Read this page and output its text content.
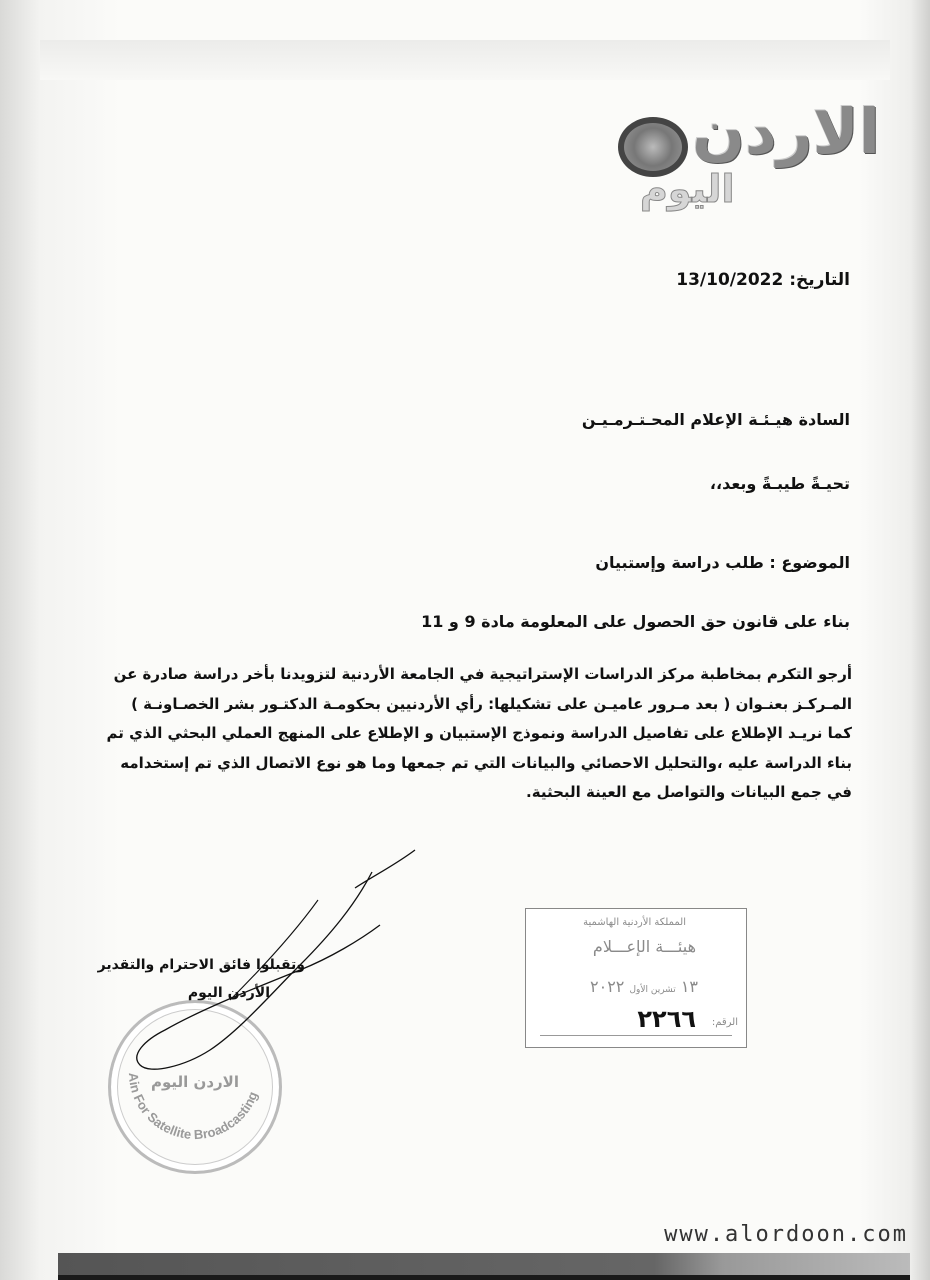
الاردن
اليوم
التاريخ: 13/10/2022
السادة هيـئـة الإعلام المحـتـرمـيـن
تحيـةً طيبـةً وبعد،،
الموضوع : طلب دراسة وإستبيان
بناء على قانون حق الحصول على المعلومة مادة 9 و 11
أرجو التكرم بمخاطبة مركز الدراسات الإستراتيجية في الجامعة الأردنية لتزويدنا بأخر دراسة صادرة عن
المـركـز بعنـوان ( بعد مـرور عاميـن على تشكيلها: رأي الأردنيين بحكومـة الدكتـور بشر الخصـاونـة )
كما نريـد الإطلاع على تفاصيل الدراسة ونموذج الإستبيان و الإطلاع على المنهج العملي البحثي الذي تم
بناء الدراسة عليه ،والتحليل الاحصائي والبيانات التي تم جمعها وما هو نوع الاتصال الذي تم إستخدامه
في جمع البيانات والتواصل مع العينة البحثية.
وتقبلوا فائق الاحترام والتقدير
الأردن اليوم
المملكة الأردنية الهاشمية
هيئـــة الإعـــلام
١٣ تشرين الأول ٢٠٢٢
الرقم:
٢٢٦٦
Ain For Satellite Broadcasting
شركة عين للبث الفضائي
الاردن اليوم
www.alordoon.com
